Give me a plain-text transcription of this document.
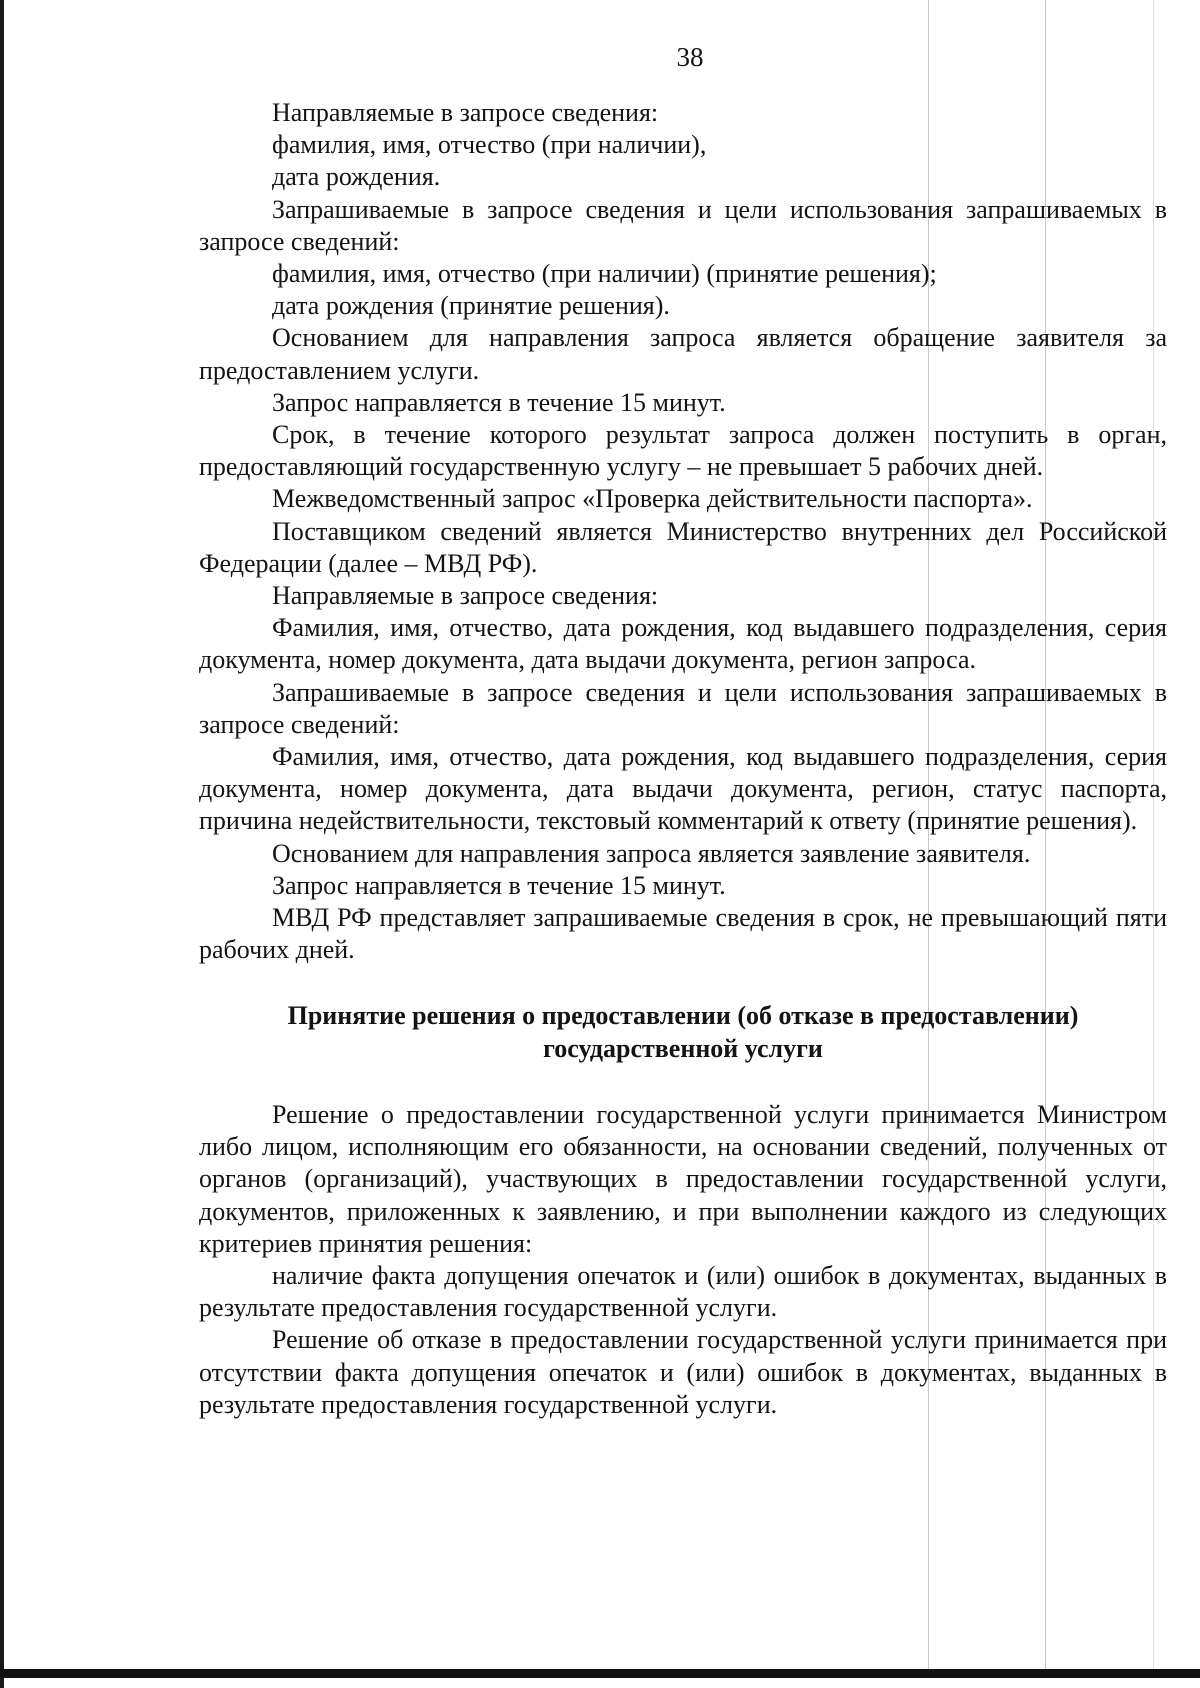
38

Направляемые в запросе сведения:

фамилия, имя, отчество (при наличии),

дата рождения.

Запрашиваемые в запросе сведения и цели использования запрашиваемых в запросе сведений:

фамилия, имя, отчество (при наличии) (принятие решения);

дата рождения (принятие решения).

Основанием для направления запроса является обращение заявителя за предоставлением услуги.

Запрос направляется в течение 15 минут.

Срок, в течение которого результат запроса должен поступить в орган, предоставляющий государственную услугу – не превышает 5 рабочих дней.

Межведомственный запрос «Проверка действительности паспорта».

Поставщиком сведений является Министерство внутренних дел Российской Федерации (далее – МВД РФ).

Направляемые в запросе сведения:

Фамилия, имя, отчество, дата рождения, код выдавшего подразделения, серия документа, номер документа, дата выдачи документа, регион запроса.

Запрашиваемые в запросе сведения и цели использования запрашиваемых в запросе сведений:

Фамилия, имя, отчество, дата рождения, код выдавшего подразделения, серия документа, номер документа, дата выдачи документа, регион, статус паспорта, причина недействительности, текстовый комментарий к ответу (принятие решения).

Основанием для направления запроса является заявление заявителя.

Запрос направляется в течение 15 минут.

МВД РФ представляет запрашиваемые сведения в срок, не превышающий пяти рабочих дней.

Принятие решения о предоставлении (об отказе в предоставлении)
государственной услуги

Решение о предоставлении государственной услуги принимается Министром либо лицом, исполняющим его обязанности, на основании сведений, полученных от органов (организаций), участвующих в предоставлении государственной услуги, документов, приложенных к заявлению, и при выполнении каждого из следующих критериев принятия решения:

наличие факта допущения опечаток и (или) ошибок в документах, выданных в результате предоставления государственной услуги.

Решение об отказе в предоставлении государственной услуги принимается при отсутствии факта допущения опечаток и (или) ошибок в документах, выданных в результате предоставления государственной услуги.
